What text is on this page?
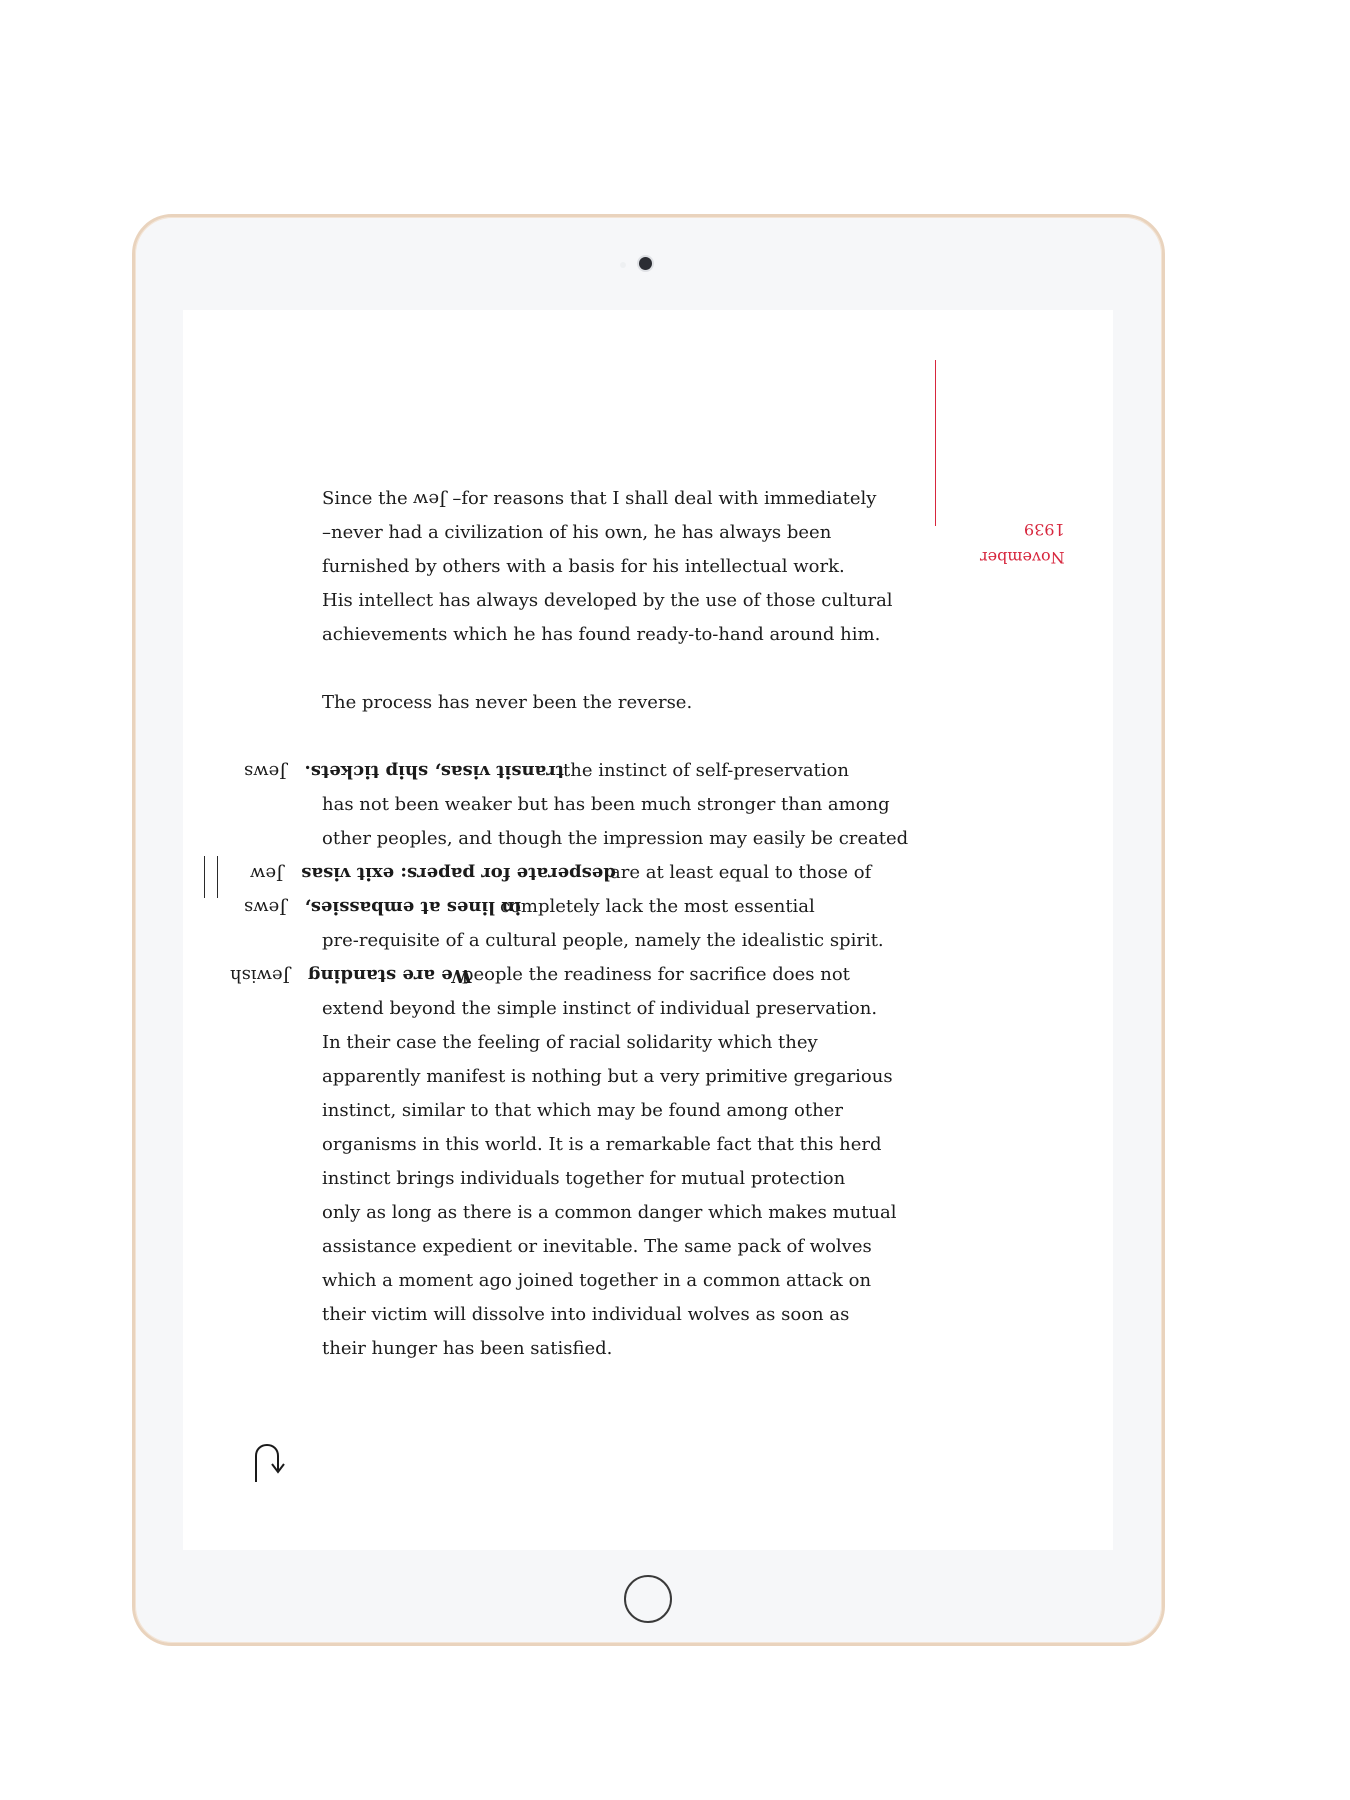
1939
November
Since the Jew –for reasons that I shall deal with immediately
–never had a civilization of his own, he has always been
furnished by others with a basis for his intellectual work.
His intellect has always developed by the use of those cultural
achievements which he has found ready-to-hand around him.
The process has never been the reverse.
transit visas, ship tickets.Jews	the instinct of self-preservation
has not been weaker but has been much stronger than among
other peoples, and though the impression may easily be created
desperate for papers: exit visasJew	are at least equal to those of
in lines at embassies,Jews	completely lack the most essential
pre-requisite of a cultural people, namely the idealistic spirit.
We are standingJewish	people the readiness for sacrifice does not
extend beyond the simple instinct of individual preservation.
In their case the feeling of racial solidarity which they
apparently manifest is nothing but a very primitive gregarious
instinct, similar to that which may be found among other
organisms in this world. It is a remarkable fact that this herd
instinct brings individuals together for mutual protection
only as long as there is a common danger which makes mutual
assistance expedient or inevitable. The same pack of wolves
which a moment ago joined together in a common attack on
their victim will dissolve into individual wolves as soon as
their hunger has been satisfied.
